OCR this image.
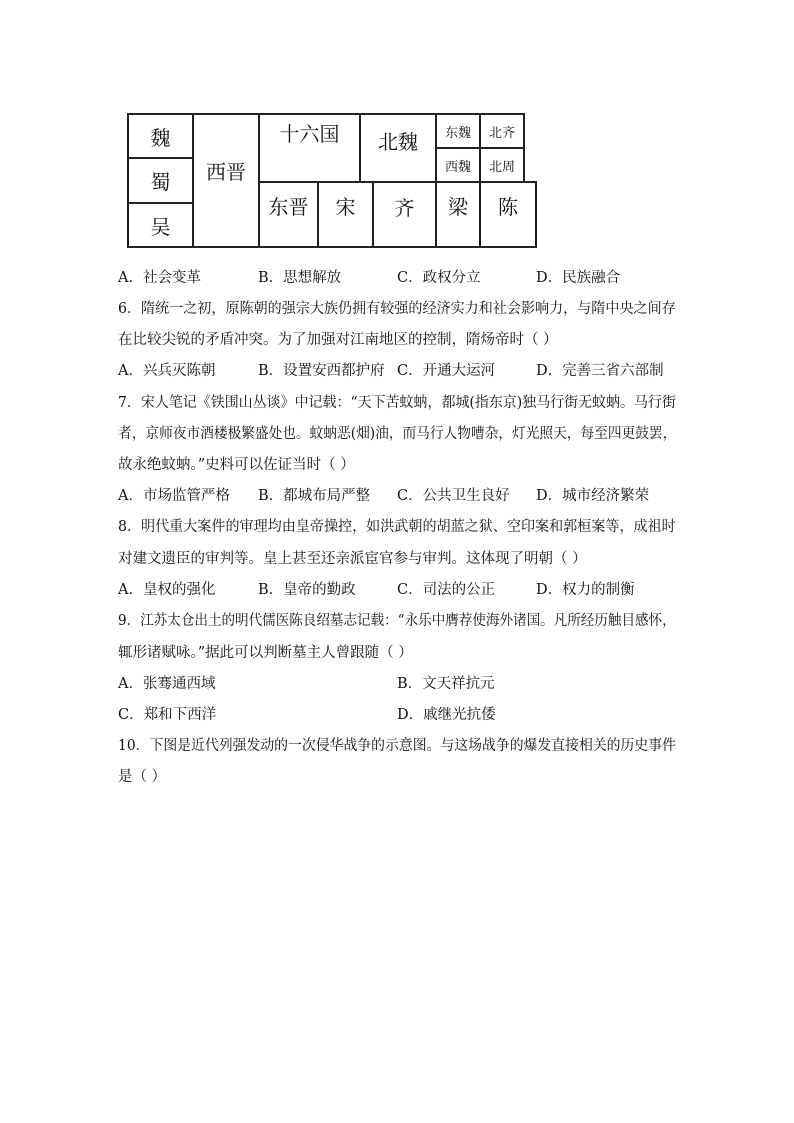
魏
蜀
吴
西晋
十六国	北魏	东魏	北齐
西魏	北周
东晋	宋	齐	梁	陈
A．社会变革	B．思想解放	C．政权分立	D．民族融合
6．隋统一之初，原陈朝的强宗大族仍拥有较强的经济实力和社会影响力，与隋中央之间存
在比较尖锐的矛盾冲突。为了加强对江南地区的控制，隋炀帝时（ ）
A．兴兵灭陈朝	B．设置安西都护府 C．开通大运河	D．完善三省六部制
7．宋人笔记《铁围山丛谈》中记载：“天下苦蚊蚋，都城(指东京)独马行街无蚊蚋。马行街
者，京师夜市酒楼极繁盛处也。蚊蚋恶(畑)油，而马行人物嘈杂，灯光照天，每至四更鼓罢，
故永绝蚊蚋。”史料可以佐证当时（ ）
A．市场监管严格 B．都城布局严整 C．公共卫生良好 D．城市经济繁荣
8．明代重大案件的审理均由皇帝操控，如洪武朝的胡蓝之狱、空印案和郭桓案等，成祖时
对建文遗臣的审判等。皇上甚至还亲派宦官参与审判。这体现了明朝（ ）
A．皇权的强化	B．皇帝的勤政	C．司法的公正	D．权力的制衡
9．江苏太仓出土的明代儒医陈良绍墓志记载：“永乐中膺荐使海外诸国。凡所经历触目感怀，
辄形诸赋咏。”据此可以判断墓主人曾跟随（ ）
A．张骞通西域	B．文天祥抗元
C．郑和下西洋	D．戚继光抗倭
10．下图是近代列强发动的一次侵华战争的示意图。与这场战争的爆发直接相关的历史事件
是（ ）
